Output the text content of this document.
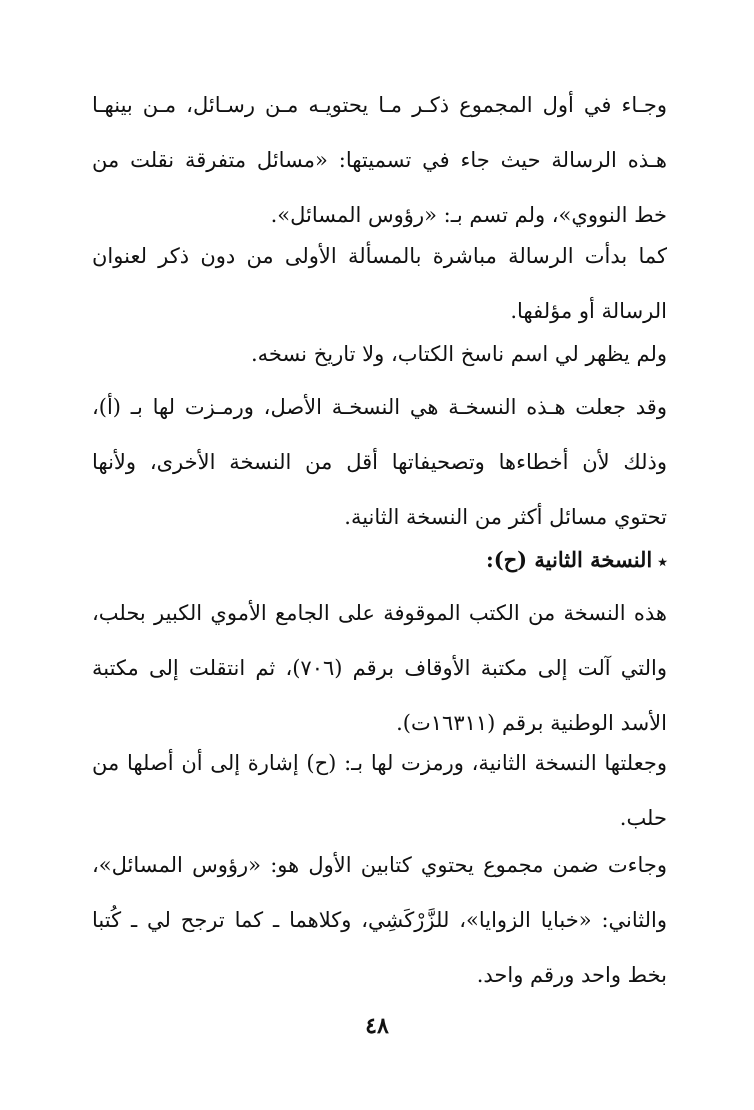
وجـاء في أول المجموع ذكـر مـا يحتويـه مـن رسـائل، مـن بينهـا هـذه الرسالة حيث جاء في تسميتها: «مسائل متفرقة نقلت من خط النووي»، ولم تسم بـ: «رؤوس المسائل».

كما بدأت الرسالة مباشرة بالمسألة الأولى من دون ذكر لعنوان الرسالة أو مؤلفها.

ولم يظهر لي اسم ناسخ الكتاب، ولا تاريخ نسخه.

وقد جعلت هـذه النسخـة هي النسخـة الأصل، ورمـزت لها بـ (أ)، وذلك لأن أخطاءها وتصحيفاتها أقل من النسخة الأخرى، ولأنها تحتوي مسائل أكثر من النسخة الثانية.

٭النسخة الثانية (ح):

هذه النسخة من الكتب الموقوفة على الجامع الأموي الكبير بحلب، والتي آلت إلى مكتبة الأوقاف برقم (٧٠٦)، ثم انتقلت إلى مكتبة الأسد الوطنية برقم (١٦٣١١ت).

وجعلتها النسخة الثانية، ورمزت لها بـ: (ح) إشارة إلى أن أصلها من حلب.

وجاءت ضمن مجموع يحتوي كتابين الأول هو: «رؤوس المسائل»، والثاني: «خبايا الزوايا»، للزَّرْكَشِي، وكلاهما ـ كما ترجح لي ـ كُتبا بخط واحد ورقم واحد.

٤٨
